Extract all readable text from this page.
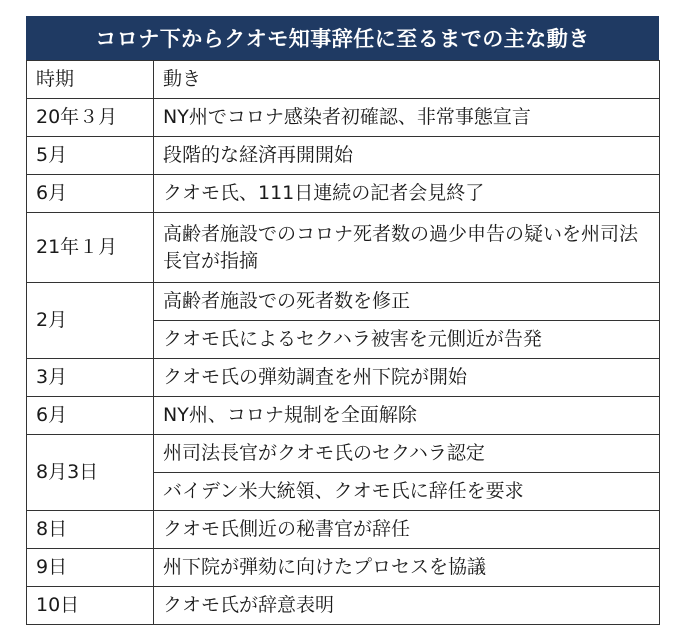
コロナ下からクオモ知事辞任に至るまでの主な動き
時期	動き
20年３月	NY州でコロナ感染者初確認、非常事態宣言
5月	段階的な経済再開開始
6月	クオモ氏、111日連続の記者会見終了
21年１月	高齢者施設でのコロナ死者数の過少申告の疑いを州司法長官が指摘
2月	高齢者施設での死者数を修正
	クオモ氏によるセクハラ被害を元側近が告発
3月	クオモ氏の弾劾調査を州下院が開始
6月	NY州、コロナ規制を全面解除
8月3日	州司法長官がクオモ氏のセクハラ認定
	バイデン米大統領、クオモ氏に辞任を要求
8日	クオモ氏側近の秘書官が辞任
9日	州下院が弾劾に向けたプロセスを協議
10日	クオモ氏が辞意表明
